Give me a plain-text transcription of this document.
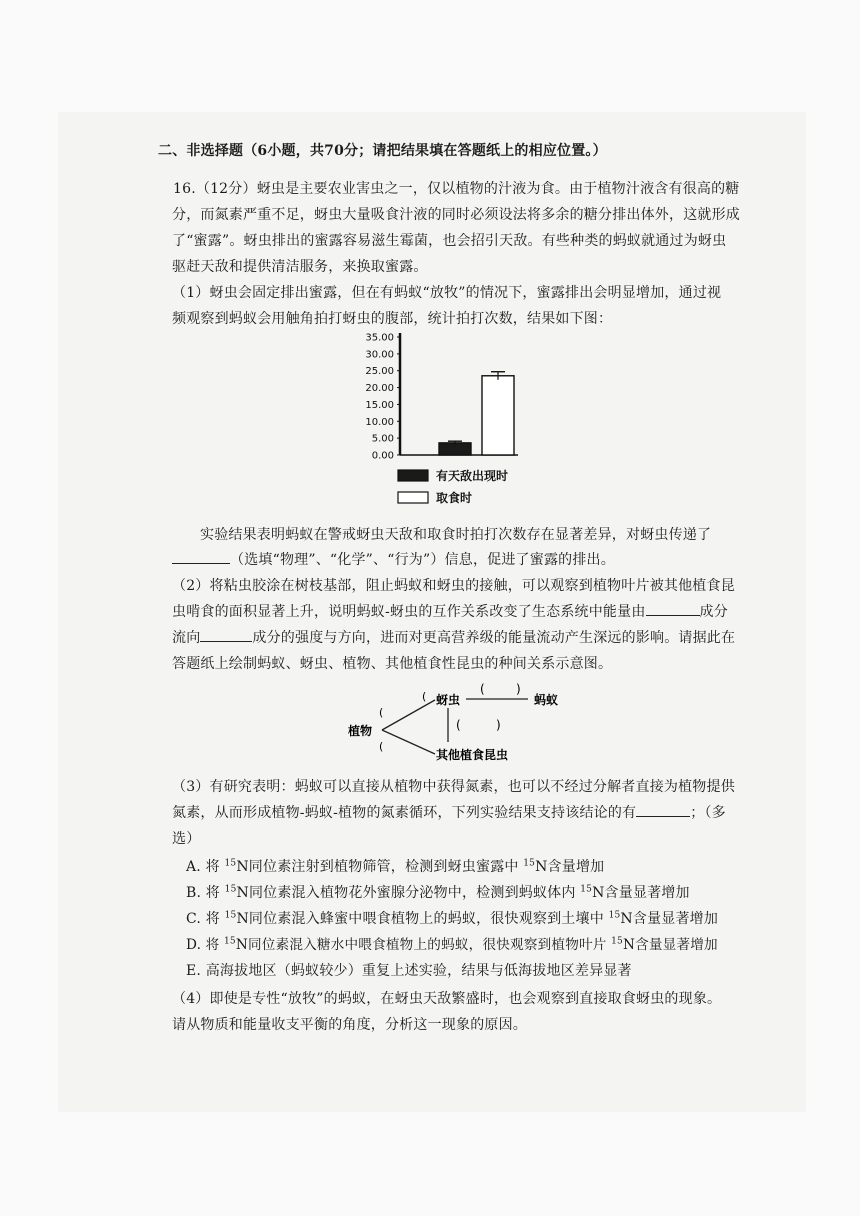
二、非选择题（6小题，共70分；请把结果填在答题纸上的相应位置。）
16.（12分）蚜虫是主要农业害虫之一，仅以植物的汁液为食。由于植物汁液含有很高的糖
分，而氮素严重不足，蚜虫大量吸食汁液的同时必须设法将多余的糖分排出体外，这就形成
了“蜜露”。蚜虫排出的蜜露容易滋生霉菌，也会招引天敌。有些种类的蚂蚁就通过为蚜虫
驱赶天敌和提供清洁服务，来换取蜜露。
（1）蚜虫会固定排出蜜露，但在有蚂蚁“放牧”的情况下，蜜露排出会明显增加，通过视
频观察到蚂蚁会用触角拍打蚜虫的腹部，统计拍打次数，结果如下图：
0.00
5.00
10.00
15.00
20.00
25.00
30.00
35.00
有天敌出现时
取食时
实验结果表明蚂蚁在警戒蚜虫天敌和取食时拍打次数存在显著差异，对蚜虫传递了
（选填“物理”、“化学”、“行为”）信息，促进了蜜露的排出。
（2）将粘虫胶涂在树枝基部，阻止蚂蚁和蚜虫的接触，可以观察到植物叶片被其他植食昆
虫啃食的面积显著上升，说明蚂蚁-蚜虫的互作关系改变了生态系统中能量由	成分
流向	成分的强度与方向，进而对更高营养级的能量流动产生深远的影响。请据此在
答题纸上绘制蚂蚁、蚜虫、植物、其他植食性昆虫的种间关系示意图。
植物
蚜虫	蚂蚁
其他植食昆虫
(
(
(
(	)
(	)
（3）有研究表明：蚂蚁可以直接从植物中获得氮素，也可以不经过分解者直接为植物提供
氮素，从而形成植物-蚂蚁-植物的氮素循环，下列实验结果支持该结论的有	；（多
选）
A. 将 $^{15}$N同位素注射到植物筛管，检测到蚜虫蜜露中 $^{15}$N含量增加
B. 将 $^{15}$N同位素混入植物花外蜜腺分泌物中，检测到蚂蚁体内 $^{15}$N含量显著增加
C. 将 $^{15}$N同位素混入蜂蜜中喂食植物上的蚂蚁，很快观察到土壤中 $^{15}$N含量显著增加
D. 将 $^{15}$N同位素混入糖水中喂食植物上的蚂蚁，很快观察到植物叶片 $^{15}$N含量显著增加
E. 高海拔地区（蚂蚁较少）重复上述实验，结果与低海拔地区差异显著
（4）即使是专性“放牧”的蚂蚁，在蚜虫天敌繁盛时，也会观察到直接取食蚜虫的现象。
请从物质和能量收支平衡的角度，分析这一现象的原因。
